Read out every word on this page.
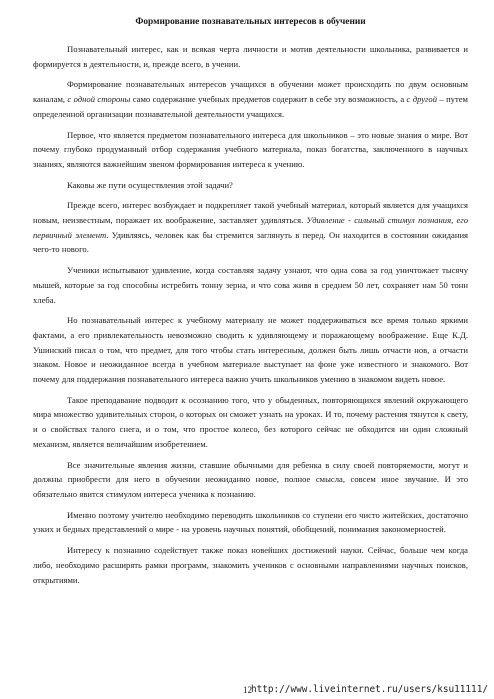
Формирование познавательных интересов в обучении

Познавательный интерес, как и всякая черта личности и мотив деятельности школьника, развивается и формируется в деятельности, и, прежде всего, в учении.

Формирование познавательных интересов учащихся в обучении может происходить по двум основным каналам, с одной стороны само содержание учебных предметов содержит в себе эту возможность, а с другой – путем определенной организации познавательной деятельности учащихся.

Первое, что является предметом познавательного интереса для школьников – это новые знания о мире. Вот почему глубоко продуманный отбор содержания учебного материала, показ богатства, заключенного в научных знаниях, являются важнейшим звеном формирования интереса к учению.

Каковы же пути осуществления этой задачи?

Прежде всего, интерес возбуждает и подкрепляет такой учебный материал, который является для учащихся новым, неизвестным, поражает их воображение, заставляет удивляться. Удивление - сильный стимул познания, его первичный элемент. Удивляясь, человек как бы стремится заглянуть в перед. Он находится в состоянии ожидания чего-то нового.

Ученики испытывают удивление, когда составляя задачу узнают, что одна сова за год уничтожает тысячу мышей, которые за год способны истребить тонну зерна, и что сова живя в среднем 50 лет, сохраняет нам 50 тонн хлеба.

Но познавательный интерес к учебному материалу не может поддерживаться все время только яркими фактами, а его привлекательность невозможно сводить к удивляющему и поражающему воображение. Еще К.Д. Ушинский писал о том, что предмет, для того чтобы стать интересным, должен быть лишь отчасти нов, а отчасти знаком. Новое и неожиданное всегда в учебном материале выступает на фоне уже известного и знакомого. Вот почему для поддержания познавательного интереса важно учить школьников умению в знакомом видеть новое.

Такое преподавание подводит к осознанию того, что у обыденных, повторяющихся явлений окружающего мира множество удивительных сторон, о которых он сможет узнать на уроках. И то, почему растения тянутся к свету, и о свойствах талого снега, и о том, что простое колесо, без которого сейчас не обходится ни один сложный механизм, является величайшим изобретением.

Все значительные явления жизни, ставшие обычными для ребенка в силу своей повторяемости, могут и должны приобрести для него в обучении неожиданно новое, полное смысла, совсем иное звучание. И это обязательно явится стимулом интереса ученика к познанию.

Именно поэтому учителю необходимо переводить школьников со ступени его чисто житейских, достаточно узких и бедных представлений о мире - на уровень научных понятий, обобщений, понимания закономерностей.

Интересу к познанию содействует также показ новейших достижений науки. Сейчас, больше чем когда либо, необходимо расширять рамки программ, знакомить учеников с основными направлениями научных поисков, открытиями.

12
http://www.liveinternet.ru/users/ksu11111/
